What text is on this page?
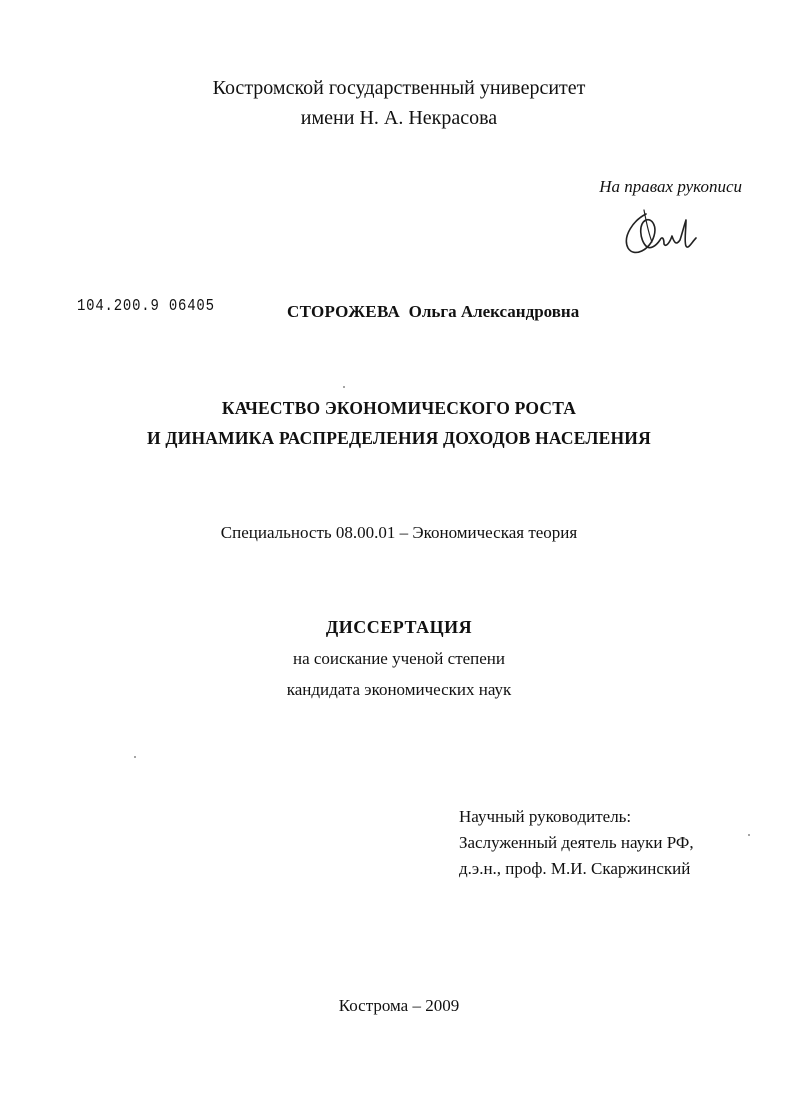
Костромской государственный университет
имени Н. А. Некрасова
На правах рукописи
104.200.9 06405	СТОРОЖЕВА Ольга Александровна
КАЧЕСТВО ЭКОНОМИЧЕСКОГО РОСТА
И ДИНАМИКА РАСПРЕДЕЛЕНИЯ ДОХОДОВ НАСЕЛЕНИЯ
Специальность 08.00.01 – Экономическая теория
ДИССЕРТАЦИЯ
на соискание ученой степени
кандидата экономических наук
Научный руководитель:
Заслуженный деятель науки РФ,
д.э.н., проф. М.И. Скаржинский
Кострома – 2009
